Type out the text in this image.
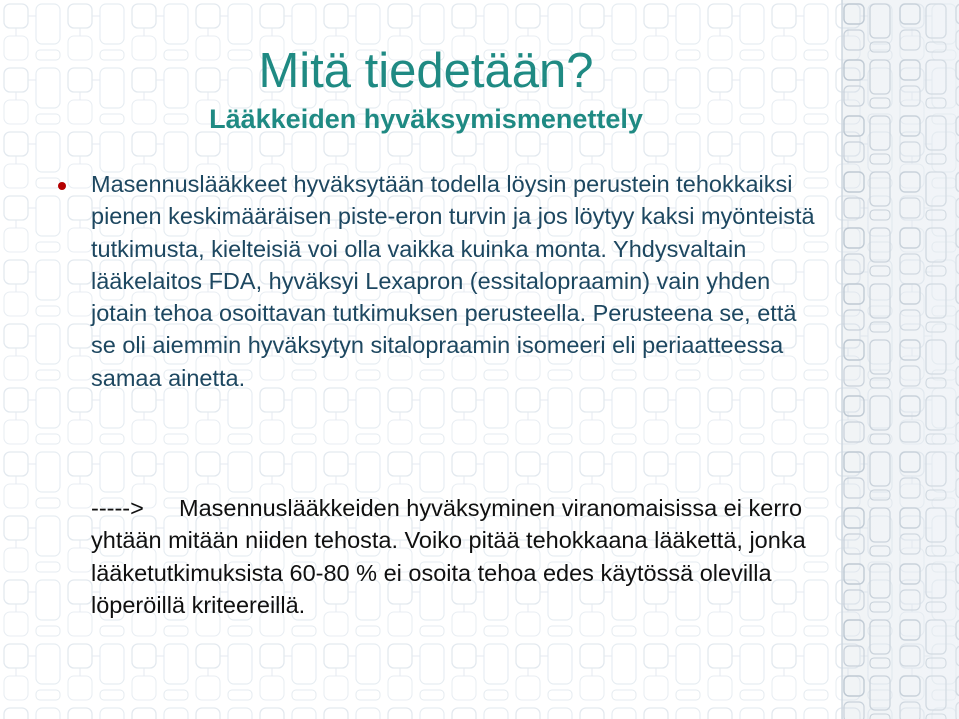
Mitä tiedetään?
Lääkkeiden hyväksymismenettely
Masennuslääkkeet hyväksytään todella löysin perustein tehokkaiksi pienen keskimääräisen piste-eron turvin ja jos löytyy kaksi myönteistä tutkimusta, kielteisiä voi olla vaikka kuinka monta. Yhdysvaltain lääkelaitos FDA, hyväksyi Lexapron (essitalopraamin) vain yhden jotain tehoa osoittavan tutkimuksen perusteella. Perusteena se, että se oli aiemmin hyväksytyn sitalopraamin isomeeri eli periaatteessa samaa ainetta.

-----> Masennuslääkkeiden hyväksyminen viranomaisissa ei kerro yhtään mitään niiden tehosta. Voiko pitää tehokkaana lääkettä, jonka lääketutkimuksista 60-80 % ei osoita tehoa edes käytössä olevilla löperöillä kriteereillä.
